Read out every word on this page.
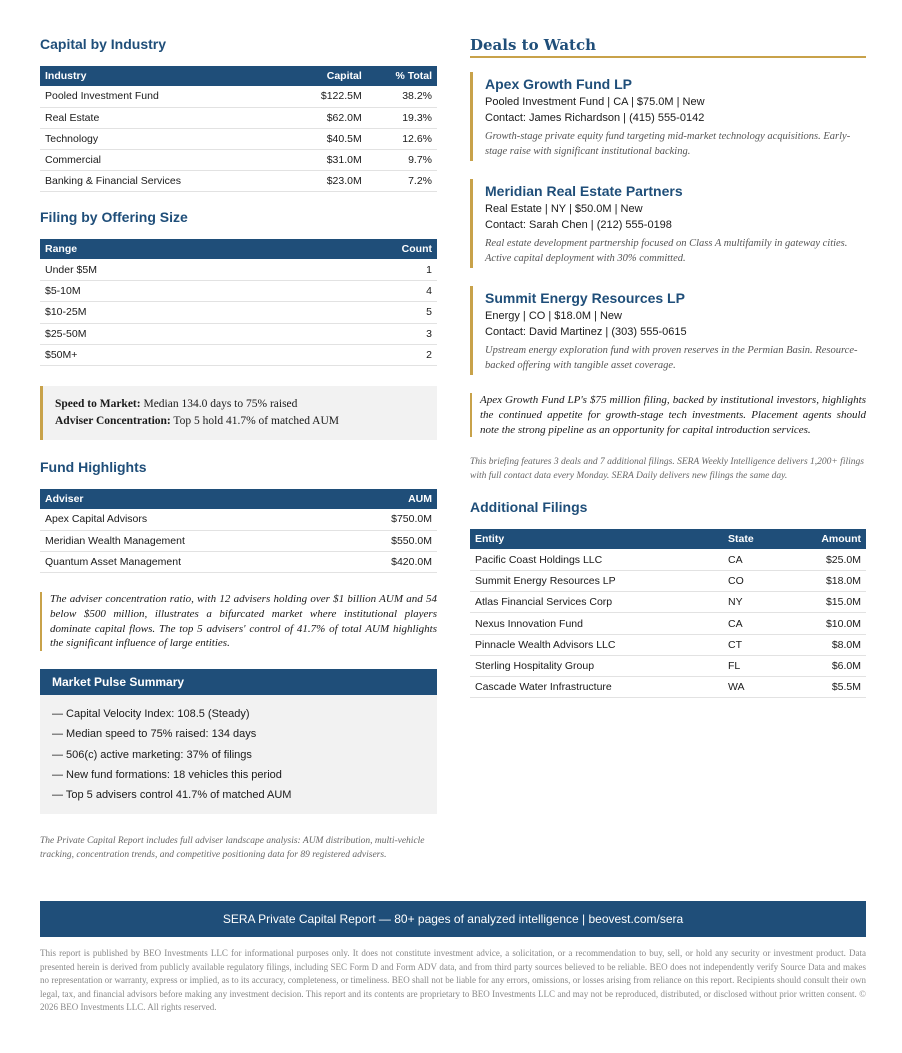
Capital by Industry
Industry	Capital	% Total
Pooled Investment Fund	$122.5M	38.2%
Real Estate	$62.0M	19.3%
Technology	$40.5M	12.6%
Commercial	$31.0M	9.7%
Banking & Financial Services	$23.0M	7.2%
Filing by Offering Size
Range	Count
Under $5M	1
$5-10M	4
$10-25M	5
$25-50M	3
$50M+	2
Speed to Market: Median 134.0 days to 75% raised
Adviser Concentration: Top 5 hold 41.7% of matched AUM
Fund Highlights
Adviser	AUM
Apex Capital Advisors	$750.0M
Meridian Wealth Management	$550.0M
Quantum Asset Management	$420.0M
The adviser concentration ratio, with 12 advisers holding over $1 billion AUM and 54 below $500 million, illustrates a bifurcated market where institutional players dominate capital flows. The top 5 advisers' control of 41.7% of total AUM highlights the significant influence of large entities.
Market Pulse Summary
— Capital Velocity Index: 108.5 (Steady)
— Median speed to 75% raised: 134 days
— 506(c) active marketing: 37% of filings
— New fund formations: 18 vehicles this period
— Top 5 advisers control 41.7% of matched AUM
The Private Capital Report includes full adviser landscape analysis: AUM distribution, multi-vehicle tracking, concentration trends, and competitive positioning data for 89 registered advisers.
Deals to Watch
Apex Growth Fund LP
Pooled Investment Fund | CA | $75.0M | New
Contact: James Richardson | (415) 555-0142
Growth-stage private equity fund targeting mid-market technology acquisitions. Early-stage raise with significant institutional backing.
Meridian Real Estate Partners
Real Estate | NY | $50.0M | New
Contact: Sarah Chen | (212) 555-0198
Real estate development partnership focused on Class A multifamily in gateway cities. Active capital deployment with 30% committed.
Summit Energy Resources LP
Energy | CO | $18.0M | New
Contact: David Martinez | (303) 555-0615
Upstream energy exploration fund with proven reserves in the Permian Basin. Resource-backed offering with tangible asset coverage.
Apex Growth Fund LP's $75 million filing, backed by institutional investors, highlights the continued appetite for growth-stage tech investments. Placement agents should note the strong pipeline as an opportunity for capital introduction services.
This briefing features 3 deals and 7 additional filings. SERA Weekly Intelligence delivers 1,200+ filings with full contact data every Monday. SERA Daily delivers new filings the same day.
Additional Filings
Entity	State	Amount
Pacific Coast Holdings LLC	CA	$25.0M
Summit Energy Resources LP	CO	$18.0M
Atlas Financial Services Corp	NY	$15.0M
Nexus Innovation Fund	CA	$10.0M
Pinnacle Wealth Advisors LLC	CT	$8.0M
Sterling Hospitality Group	FL	$6.0M
Cascade Water Infrastructure	WA	$5.5M
SERA Private Capital Report — 80+ pages of analyzed intelligence | beovest.com/sera
This report is published by BEO Investments LLC for informational purposes only. It does not constitute investment advice, a solicitation, or a recommendation to buy, sell, or hold any security or investment product. Data presented herein is derived from publicly available regulatory filings, including SEC Form D and Form ADV data, and from third party sources believed to be reliable. BEO does not independently verify Source Data and makes no representation or warranty, express or implied, as to its accuracy, completeness, or timeliness. BEO shall not be liable for any errors, omissions, or losses arising from reliance on this report. Recipients should consult their own legal, tax, and financial advisors before making any investment decision. This report and its contents are proprietary to BEO Investments LLC and may not be reproduced, distributed, or disclosed without prior written consent. © 2026 BEO Investments LLC. All rights reserved.
